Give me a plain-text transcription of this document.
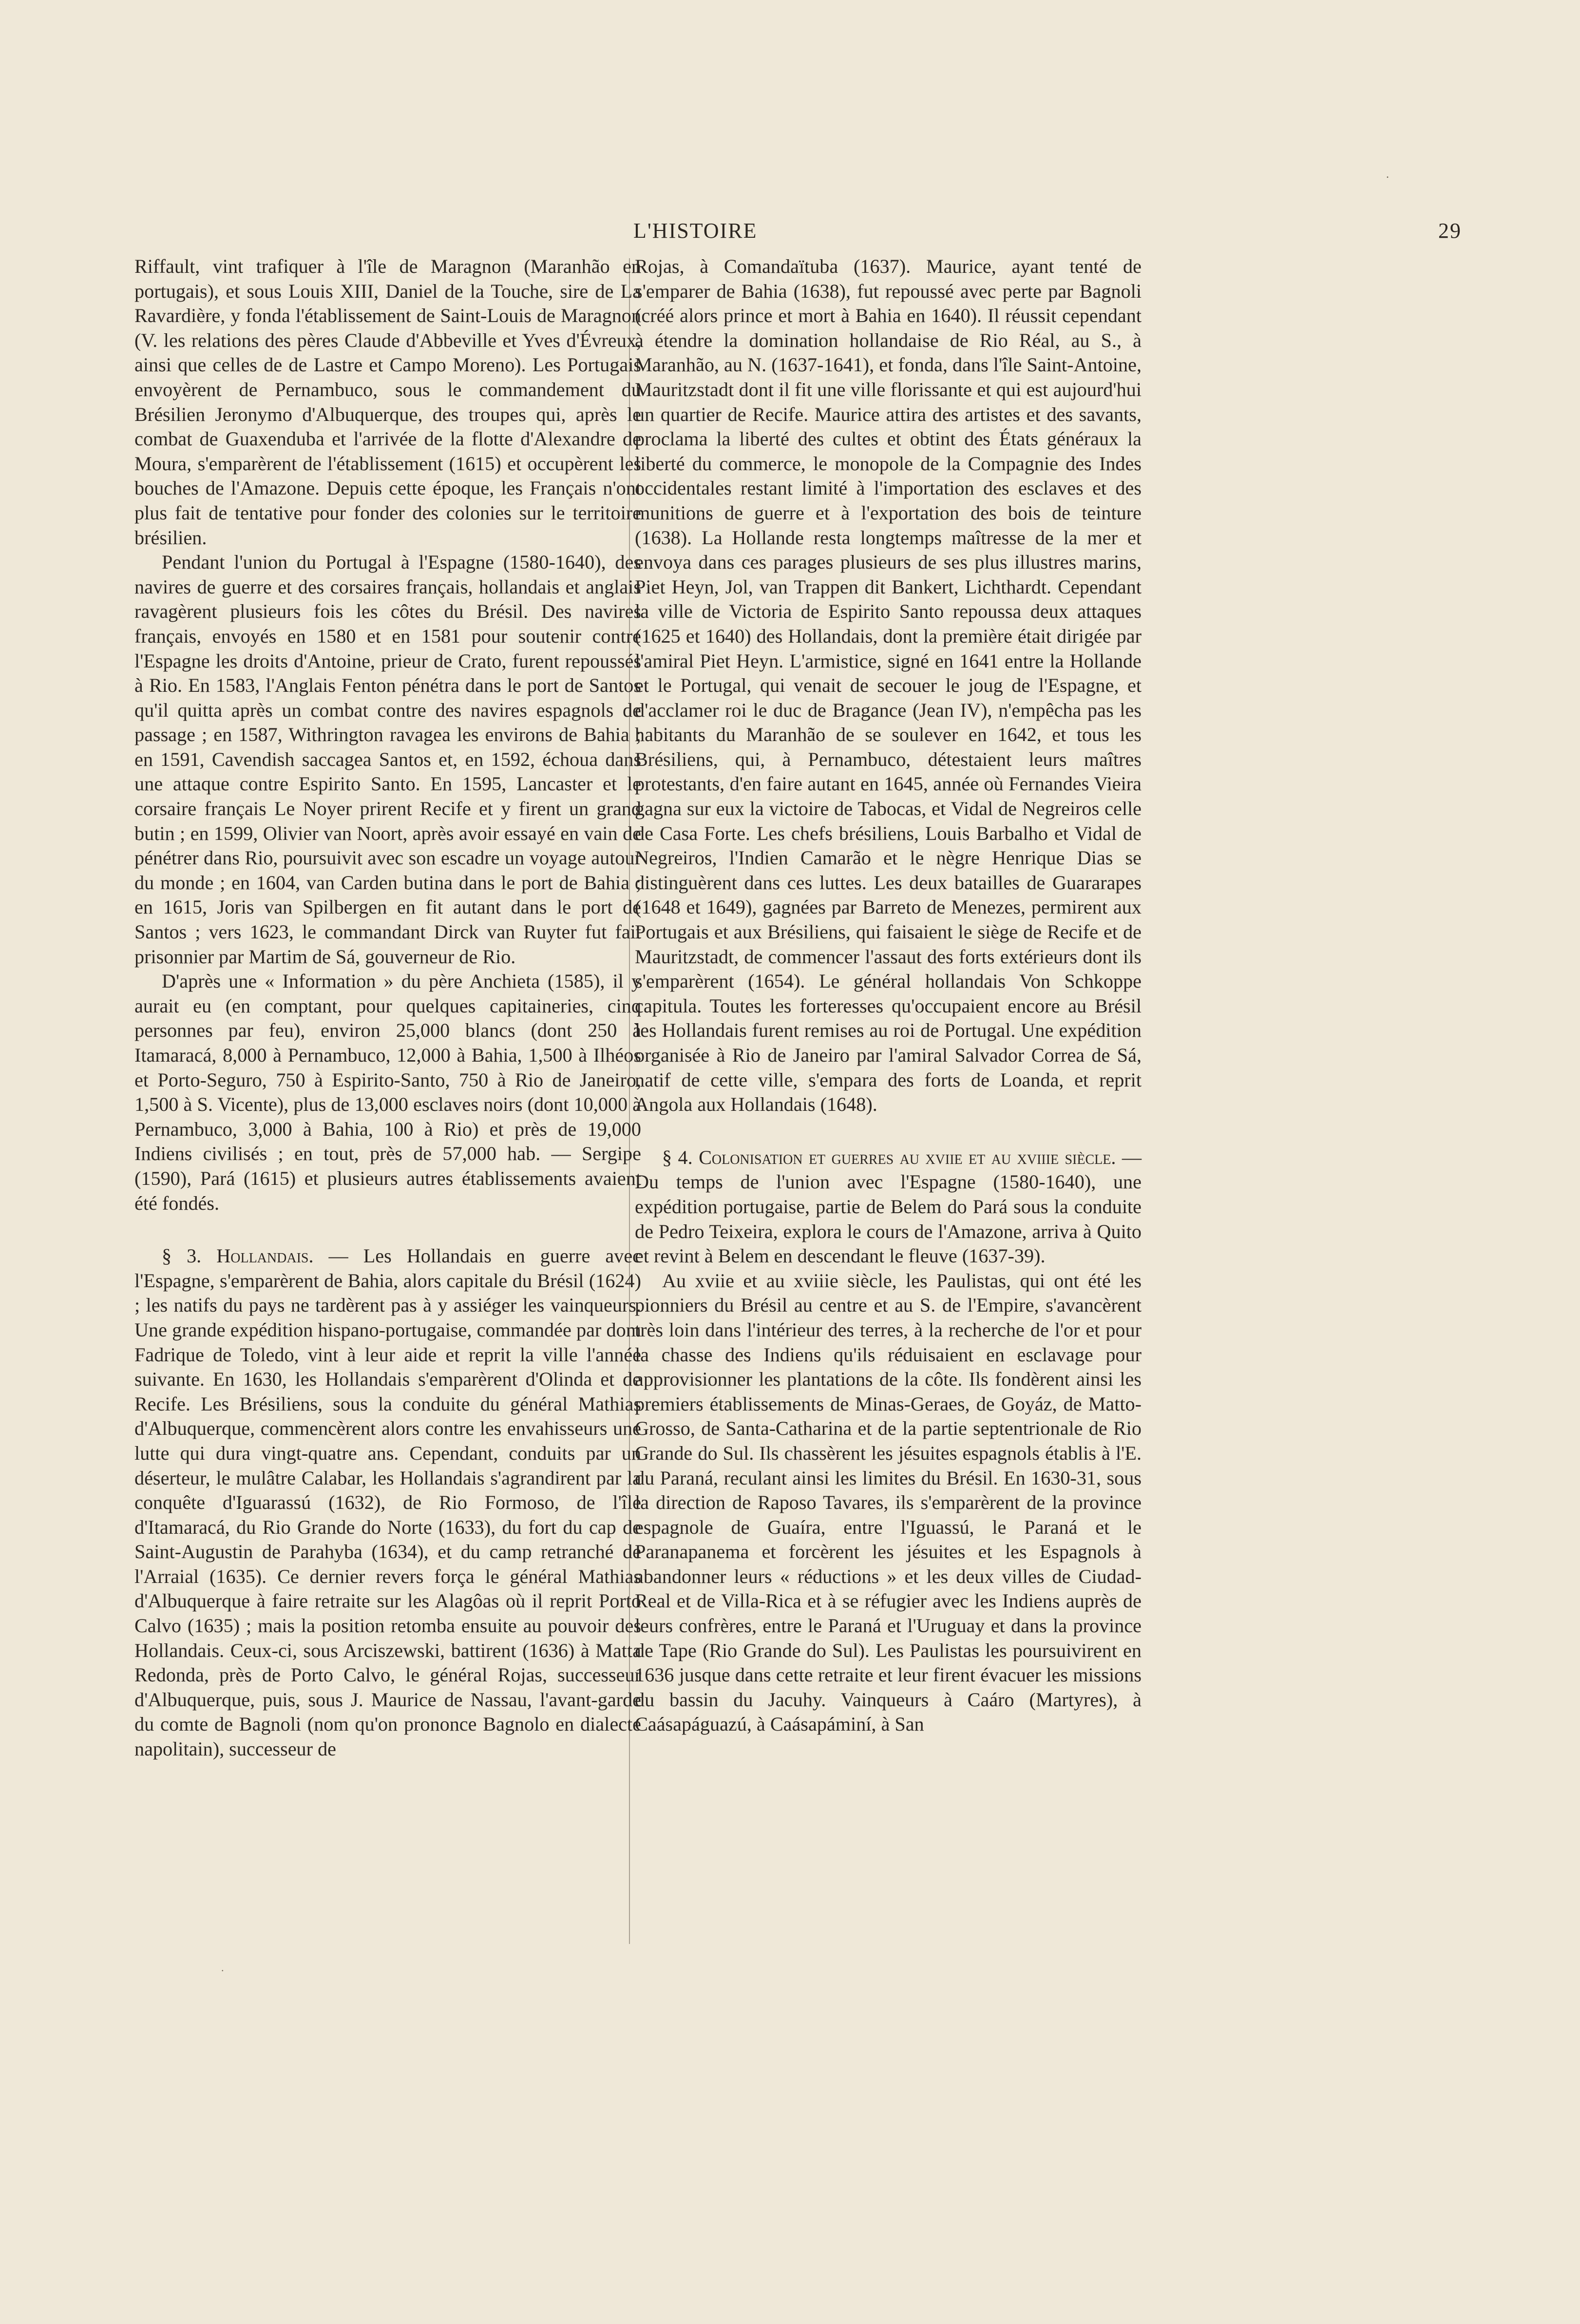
.
L'HISTOIRE	29

Riffault, vint trafiquer à l'île de Maragnon (Maranhão en portugais), et sous Louis XIII, Daniel de la Touche, sire de La Ravardière, y fonda l'établissement de Saint-Louis de Maragnon (V. les relations des pères Claude d'Abbeville et Yves d'Évreux, ainsi que celles de de Lastre et Campo Moreno). Les Portugais envoyèrent de Pernambuco, sous le commandement du Brésilien Jeronymo d'Albuquerque, des troupes qui, après le combat de Guaxenduba et l'arrivée de la flotte d'Alexandre de Moura, s'emparèrent de l'établissement (1615) et occupèrent les bouches de l'Amazone. Depuis cette époque, les Français n'ont plus fait de tentative pour fonder des colonies sur le territoire brésilien.

Pendant l'union du Portugal à l'Espagne (1580-1640), des navires de guerre et des corsaires français, hollandais et anglais ravagèrent plusieurs fois les côtes du Brésil. Des navires français, envoyés en 1580 et en 1581 pour soutenir contre l'Espagne les droits d'Antoine, prieur de Crato, furent repoussés à Rio. En 1583, l'Anglais Fenton pénétra dans le port de Santos qu'il quitta après un combat contre des navires espagnols de passage ; en 1587, Withrington ravagea les environs de Bahia ; en 1591, Cavendish saccagea Santos et, en 1592, échoua dans une attaque contre Espirito Santo. En 1595, Lancaster et le corsaire français Le Noyer prirent Recife et y firent un grand butin ; en 1599, Olivier van Noort, après avoir essayé en vain de pénétrer dans Rio, poursuivit avec son escadre un voyage autour du monde ; en 1604, van Carden butina dans le port de Bahia ; en 1615, Joris van Spilbergen en fit autant dans le port de Santos ; vers 1623, le commandant Dirck van Ruyter fut fait prisonnier par Martim de Sá, gouverneur de Rio.

D'après une « Information » du père Anchieta (1585), il y aurait eu (en comptant, pour quelques capitaineries, cinq personnes par feu), environ 25,000 blancs (dont 250 à Itamaracá, 8,000 à Pernambuco, 12,000 à Bahia, 1,500 à Ilhéos et Porto-Seguro, 750 à Espirito-Santo, 750 à Rio de Janeiro, 1,500 à S. Vicente), plus de 13,000 esclaves noirs (dont 10,000 à Pernambuco, 3,000 à Bahia, 100 à Rio) et près de 19,000 Indiens civilisés ; en tout, près de 57,000 hab. — Sergipe (1590), Pará (1615) et plusieurs autres établissements avaient été fondés.

§ 3. Hollandais. — Les Hollandais en guerre avec l'Espagne, s'emparèrent de Bahia, alors capitale du Brésil (1624) ; les natifs du pays ne tardèrent pas à y assiéger les vainqueurs. Une grande expédition hispano-portugaise, commandée par dom Fadrique de Toledo, vint à leur aide et reprit la ville l'année suivante. En 1630, les Hollandais s'emparèrent d'Olinda et de Recife. Les Brésiliens, sous la conduite du général Mathias d'Albuquerque, commencèrent alors contre les envahisseurs une lutte qui dura vingt-quatre ans. Cependant, conduits par un déserteur, le mulâtre Calabar, les Hollandais s'agrandirent par la conquête d'Iguarassú (1632), de Rio Formoso, de l'île d'Itamaracá, du Rio Grande do Norte (1633), du fort du cap de Saint-Augustin de Parahyba (1634), et du camp retranché de l'Arraial (1635). Ce dernier revers força le général Mathias d'Albuquerque à faire retraite sur les Alagôas où il reprit Porto Calvo (1635) ; mais la position retomba ensuite au pouvoir des Hollandais. Ceux-ci, sous Arciszewski, battirent (1636) à Matta Redonda, près de Porto Calvo, le général Rojas, successeur d'Albuquerque, puis, sous J. Maurice de Nassau, l'avant-garde du comte de Bagnoli (nom qu'on prononce Bagnolo en dialecte napolitain), successeur de

Rojas, à Comandaïtuba (1637). Maurice, ayant tenté de s'emparer de Bahia (1638), fut repoussé avec perte par Bagnoli (créé alors prince et mort à Bahia en 1640). Il réussit cependant à étendre la domination hollandaise de Rio Réal, au S., à Maranhão, au N. (1637-1641), et fonda, dans l'île Saint-Antoine, Mauritzstadt dont il fit une ville florissante et qui est aujourd'hui un quartier de Recife. Maurice attira des artistes et des savants, proclama la liberté des cultes et obtint des États généraux la liberté du commerce, le monopole de la Compagnie des Indes occidentales restant limité à l'importation des esclaves et des munitions de guerre et à l'exportation des bois de teinture (1638). La Hollande resta longtemps maîtresse de la mer et envoya dans ces parages plusieurs de ses plus illustres marins, Piet Heyn, Jol, van Trappen dit Bankert, Lichthardt. Cependant la ville de Victoria de Espirito Santo repoussa deux attaques (1625 et 1640) des Hollandais, dont la première était dirigée par l'amiral Piet Heyn. L'armistice, signé en 1641 entre la Hollande et le Portugal, qui venait de secouer le joug de l'Espagne, et d'acclamer roi le duc de Bragance (Jean IV), n'empêcha pas les habitants du Maranhão de se soulever en 1642, et tous les Brésiliens, qui, à Pernambuco, détestaient leurs maîtres protestants, d'en faire autant en 1645, année où Fernandes Vieira gagna sur eux la victoire de Tabocas, et Vidal de Negreiros celle de Casa Forte. Les chefs brésiliens, Louis Barbalho et Vidal de Negreiros, l'Indien Camarão et le nègre Henrique Dias se distinguèrent dans ces luttes. Les deux batailles de Guararapes (1648 et 1649), gagnées par Barreto de Menezes, permirent aux Portugais et aux Brésiliens, qui faisaient le siège de Recife et de Mauritzstadt, de commencer l'assaut des forts extérieurs dont ils s'emparèrent (1654). Le général hollandais Von Schkoppe capitula. Toutes les forteresses qu'occupaient encore au Brésil les Hollandais furent remises au roi de Portugal. Une expédition organisée à Rio de Janeiro par l'amiral Salvador Correa de Sá, natif de cette ville, s'empara des forts de Loanda, et reprit Angola aux Hollandais (1648).

§ 4. Colonisation et guerres au xviie et au xviiie siècle. — Du temps de l'union avec l'Espagne (1580-1640), une expédition portugaise, partie de Belem do Pará sous la conduite de Pedro Teixeira, explora le cours de l'Amazone, arriva à Quito et revint à Belem en descendant le fleuve (1637-39).

Au xviie et au xviiie siècle, les Paulistas, qui ont été les pionniers du Brésil au centre et au S. de l'Empire, s'avancèrent très loin dans l'intérieur des terres, à la recherche de l'or et pour la chasse des Indiens qu'ils réduisaient en esclavage pour approvisionner les plantations de la côte. Ils fondèrent ainsi les premiers établissements de Minas-Geraes, de Goyáz, de Matto-Grosso, de Santa-Catharina et de la partie septentrionale de Rio Grande do Sul. Ils chassèrent les jésuites espagnols établis à l'E. du Paraná, reculant ainsi les limites du Brésil. En 1630-31, sous la direction de Raposo Tavares, ils s'emparèrent de la province espagnole de Guaíra, entre l'Iguassú, le Paraná et le Paranapanema et forcèrent les jésuites et les Espagnols à abandonner leurs « réductions » et les deux villes de Ciudad-Real et de Villa-Rica et à se réfugier avec les Indiens auprès de leurs confrères, entre le Paraná et l'Uruguay et dans la province de Tape (Rio Grande do Sul). Les Paulistas les poursuivirent en 1636 jusque dans cette retraite et leur firent évacuer les missions du bassin du Jacuhy. Vainqueurs à Caáro (Martyres), à Caásapáguazú, à Caásapáminí, à San

.
